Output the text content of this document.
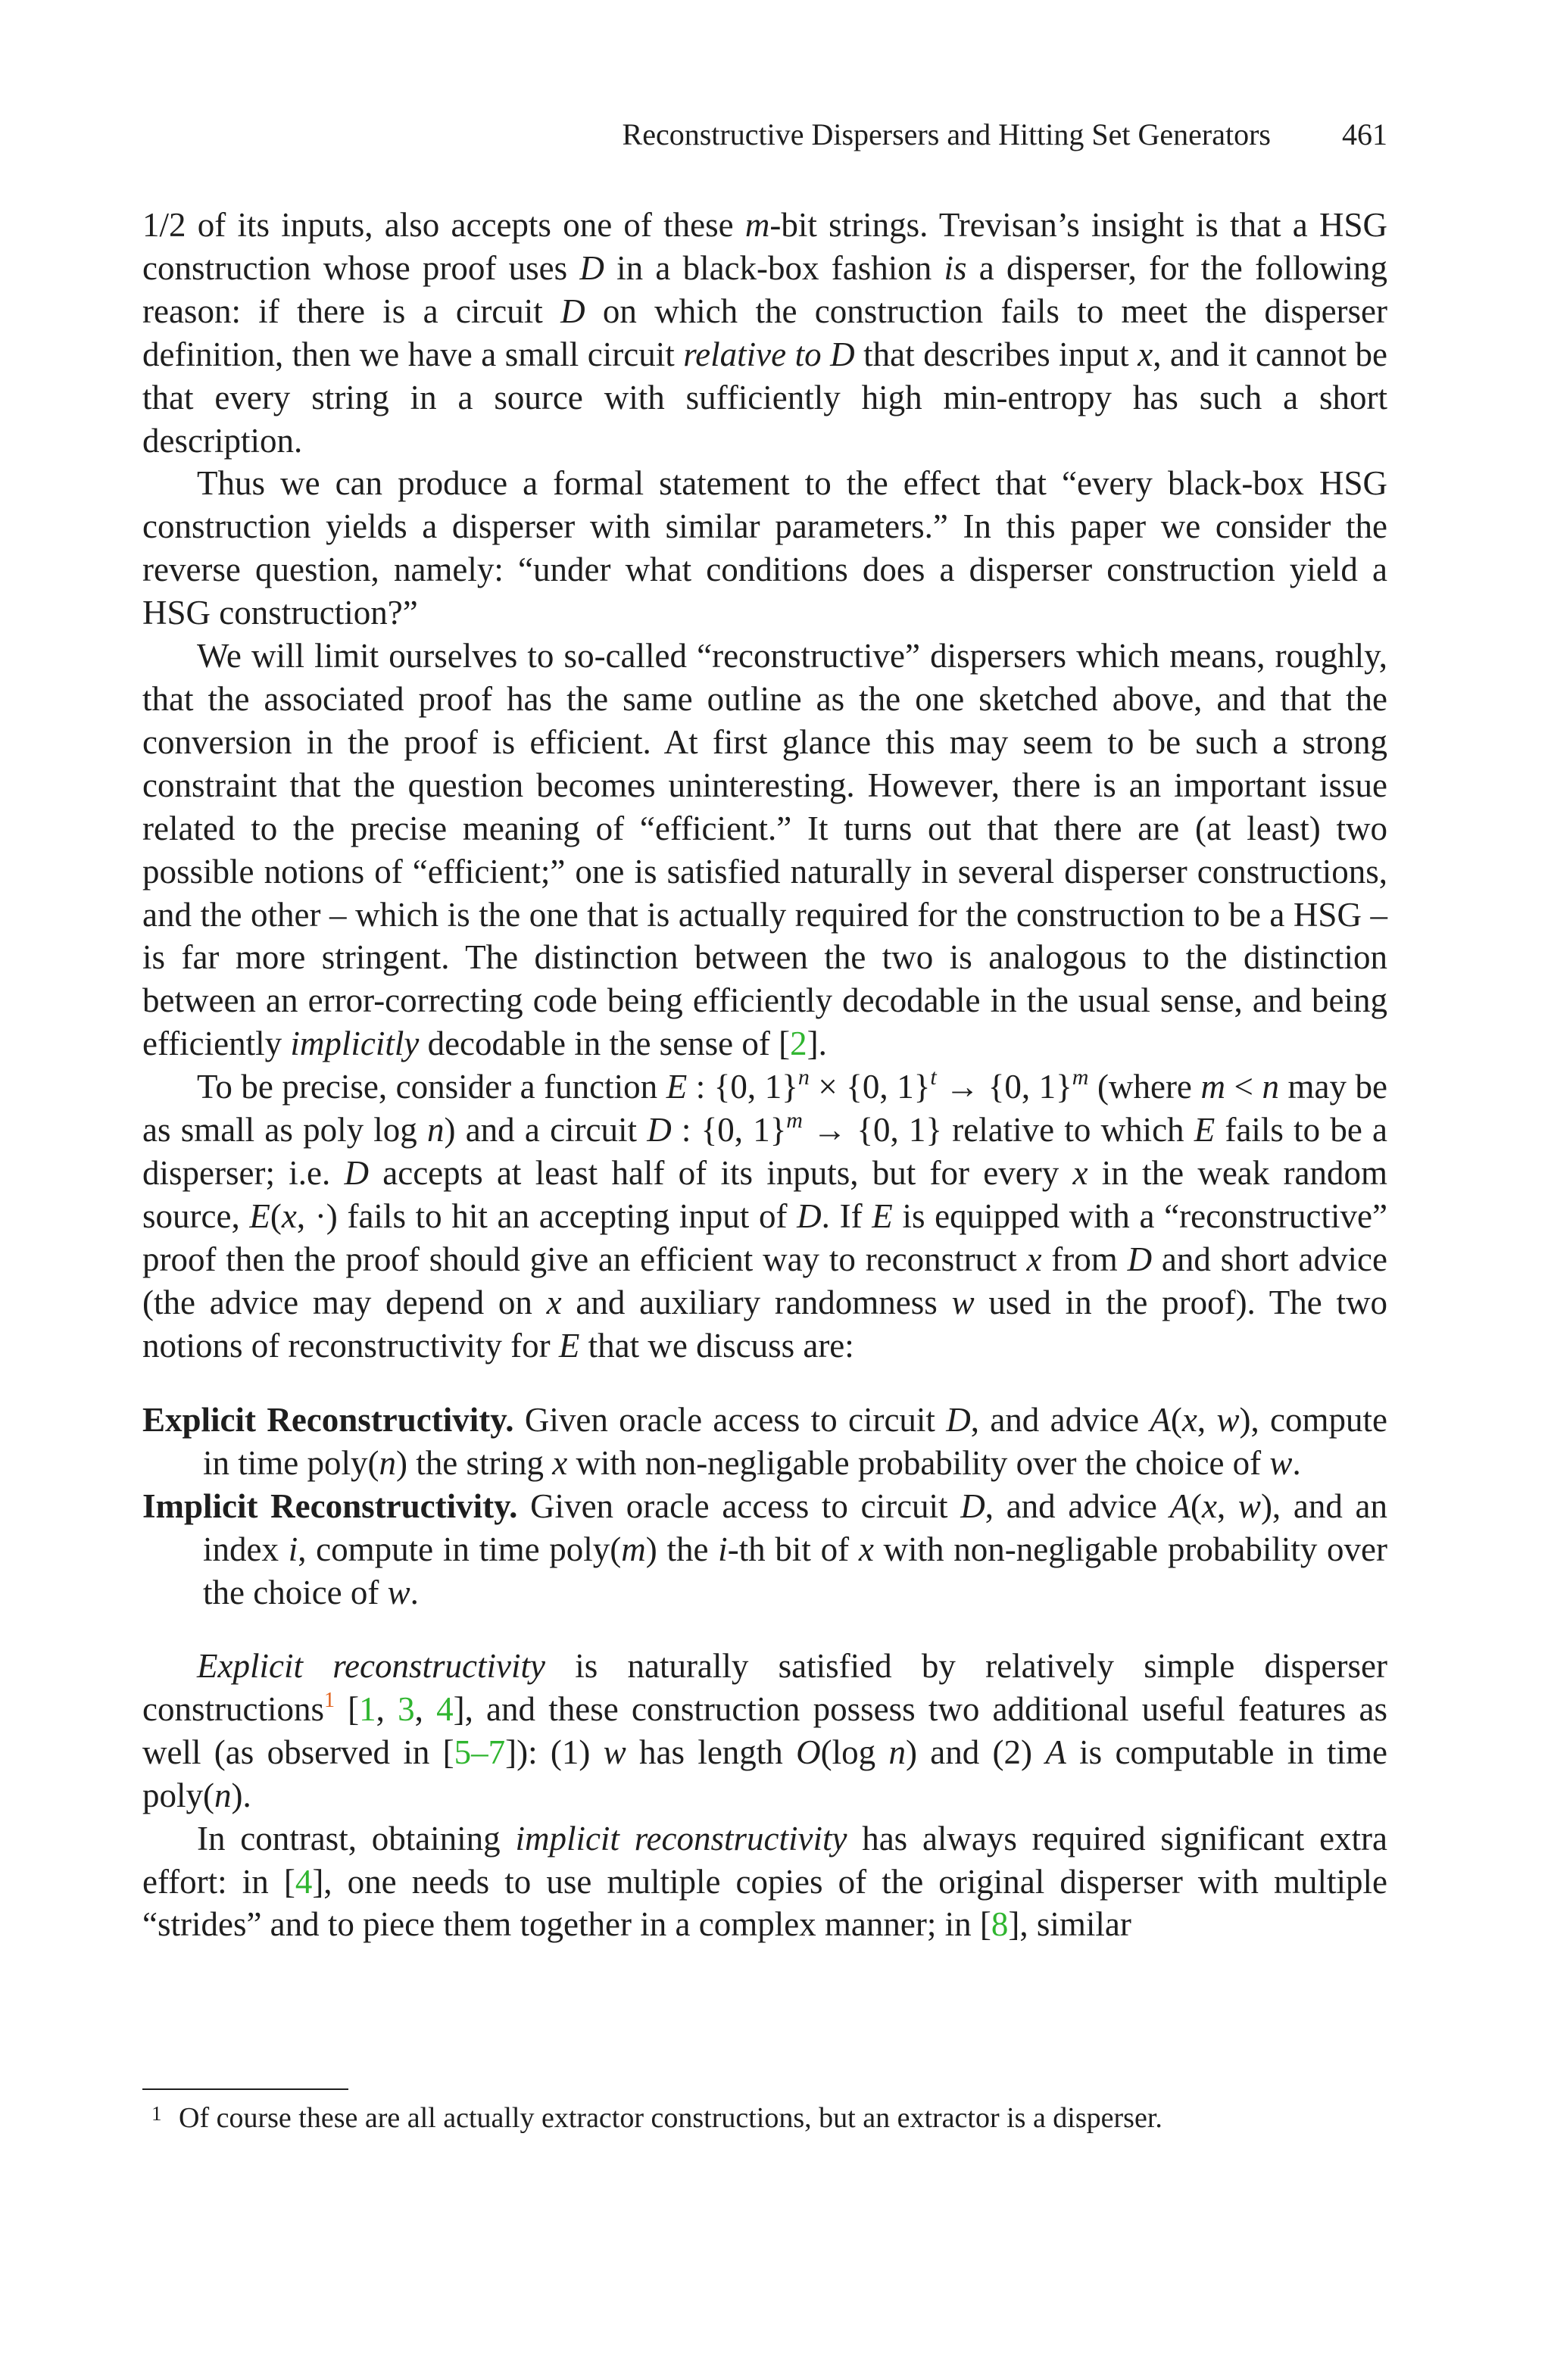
Reconstructive Dispersers and Hitting Set Generators 461

1/2 of its inputs, also accepts one of these m-bit strings. Trevisan’s insight is that a HSG construction whose proof uses D in a black-box fashion is a disperser, for the following reason: if there is a circuit D on which the construction fails to meet the disperser definition, then we have a small circuit relative to D that describes input x, and it cannot be that every string in a source with sufficiently high min-entropy has such a short description.

Thus we can produce a formal statement to the effect that “every black-box HSG construction yields a disperser with similar parameters.” In this paper we consider the reverse question, namely: “under what conditions does a disperser construction yield a HSG construction?”

We will limit ourselves to so-called “reconstructive” dispersers which means, roughly, that the associated proof has the same outline as the one sketched above, and that the conversion in the proof is efficient. At first glance this may seem to be such a strong constraint that the question becomes uninteresting. However, there is an important issue related to the precise meaning of “efficient.” It turns out that there are (at least) two possible notions of “efficient;” one is satisfied naturally in several disperser constructions, and the other – which is the one that is actually required for the construction to be a HSG – is far more stringent. The distinction between the two is analogous to the distinction between an error-correcting code being efficiently decodable in the usual sense, and being efficiently implicitly decodable in the sense of [2].

To be precise, consider a function E : {0, 1}$^n$ × {0, 1}$^t$ → {0, 1}$^m$ (where m < n may be as small as poly log n) and a circuit D : {0, 1}$^m$ → {0, 1} relative to which E fails to be a disperser; i.e. D accepts at least half of its inputs, but for every x in the weak random source, E(x, ·) fails to hit an accepting input of D. If E is equipped with a “reconstructive” proof then the proof should give an efficient way to reconstruct x from D and short advice (the advice may depend on x and auxiliary randomness w used in the proof). The two notions of reconstructivity for E that we discuss are:

Explicit Reconstructivity. Given oracle access to circuit D, and advice A(x, w), compute in time poly(n) the string x with non-negligable probability over the choice of w.

Implicit Reconstructivity. Given oracle access to circuit D, and advice A(x, w), and an index i, compute in time poly(m) the i-th bit of x with non-negligable probability over the choice of w.

Explicit reconstructivity is naturally satisfied by relatively simple disperser constructions$^1$ [1, 3, 4], and these construction possess two additional useful features as well (as observed in [5–7]): (1) w has length O(log n) and (2) A is computable in time poly(n).

In contrast, obtaining implicit reconstructivity has always required significant extra effort: in [4], one needs to use multiple copies of the original disperser with multiple “strides” and to piece them together in a complex manner; in [8], similar

1 Of course these are all actually extractor constructions, but an extractor is a disperser.
